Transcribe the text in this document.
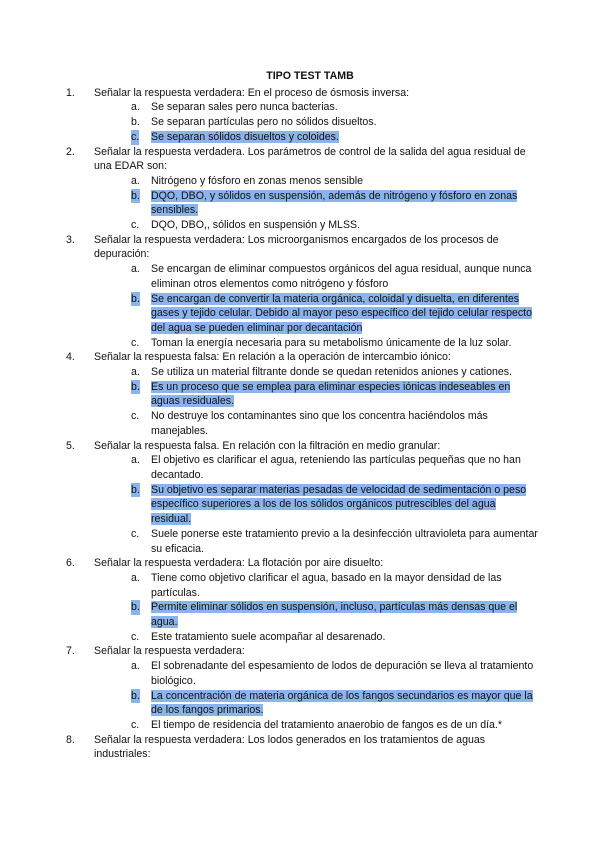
TIPO TEST TAMB
1. Señalar la respuesta verdadera: En el proceso de ósmosis inversa:
a. Se separan sales pero nunca bacterias.
b. Se separan partículas pero no sólidos disueltos.
c. Se separan sólidos disueltos y coloides.
2. Señalar la respuesta verdadera. Los parámetros de control de la salida del agua residual de una EDAR son:
a. Nitrógeno y fósforo en zonas menos sensible
b. DQO, DBO, y sólidos en suspensión, además de nitrógeno y fósforo en zonas sensibles.
c. DQO, DBO,, sólidos en suspensión y MLSS.
3. Señalar la respuesta verdadera: Los microorganismos encargados de los procesos de depuración:
a. Se encargan de eliminar compuestos orgánicos del agua residual, aunque nunca eliminan otros elementos como nitrógeno y fósforo
b. Se encargan de convertir la materia orgánica, coloidal y disuelta, en diferentes gases y tejido celular. Debido al mayor peso específico del tejido celular respecto del agua se pueden eliminar por decantación
c. Toman la energía necesaria para su metabolismo únicamente de la luz solar.
4. Señalar la respuesta falsa: En relación a la operación de intercambio iónico:
a. Se utiliza un material filtrante donde se quedan retenidos aniones y cationes.
b. Es un proceso que se emplea para eliminar especies iónicas indeseables en aguas residuales.
c. No destruye los contaminantes sino que los concentra haciéndolos más manejables.
5. Señalar la respuesta falsa. En relación con la filtración en medio granular:
a. El objetivo es clarificar el agua, reteniendo las partículas pequeñas que no han decantado.
b. Su objetivo es separar materias pesadas de velocidad de sedimentación o peso específico superiores a los de los sólidos orgánicos putrescibles del agua residual.
c. Suele ponerse este tratamiento previo a la desinfección ultravioleta para aumentar su eficacia.
6. Señalar la respuesta verdadera: La flotación por aire disuelto:
a. Tiene como objetivo clarificar el agua, basado en la mayor densidad de las partículas.
b. Permite eliminar sólidos en suspensión, incluso, partículas más densas que el agua.
c. Este tratamiento suele acompañar al desarenado.
7. Señalar la respuesta verdadera:
a. El sobrenadante del espesamiento de lodos de depuración se lleva al tratamiento biológico.
b. La concentración de materia orgánica de los fangos secundarios es mayor que la de los fangos primarios.
c. El tiempo de residencia del tratamiento anaerobio de fangos es de un día.*
8. Señalar la respuesta verdadera: Los lodos generados en los tratamientos de aguas industriales:
